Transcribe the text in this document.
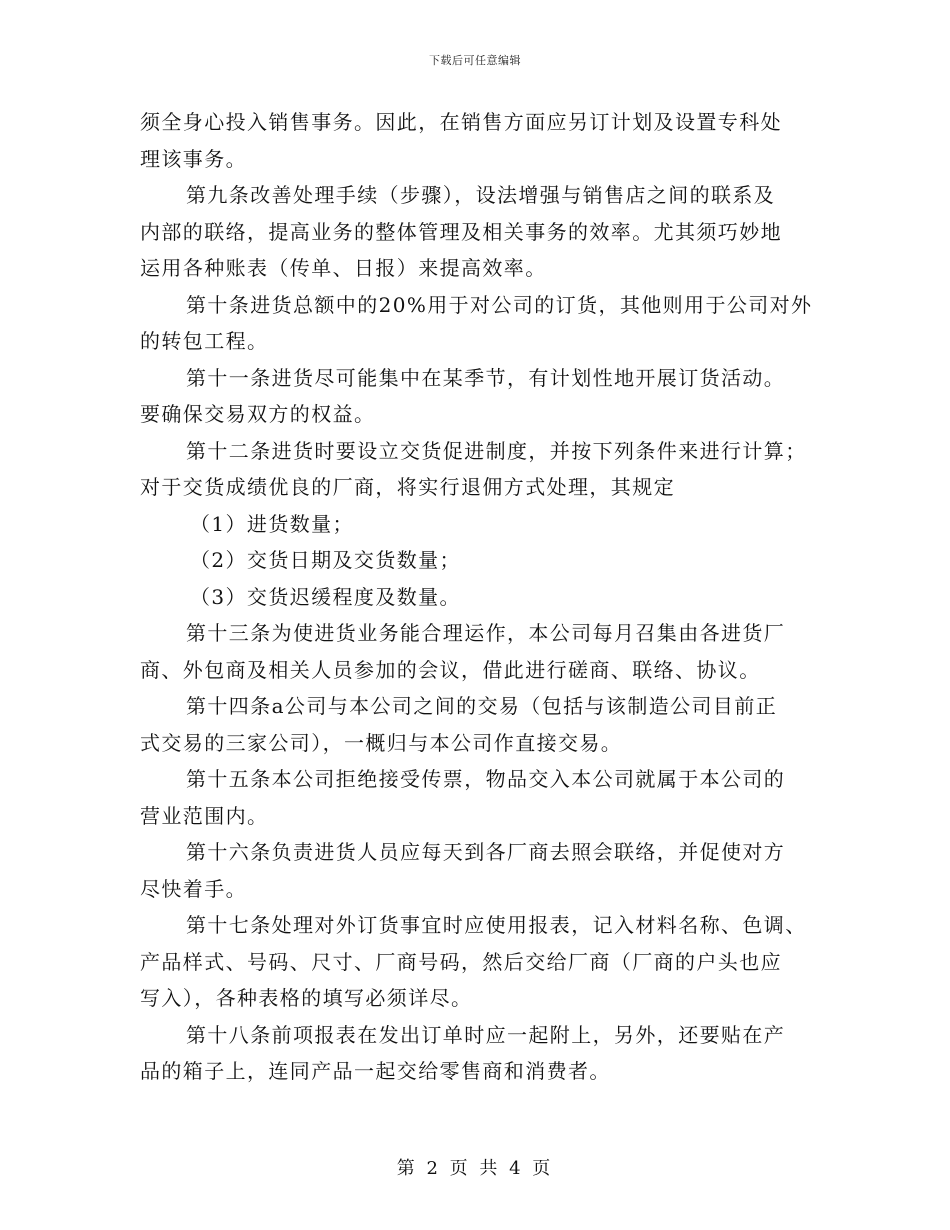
下载后可任意编辑
须全身心投入销售事务。因此，在销售方面应另订计划及设置专科处
理该事务。
第九条改善处理手续（步骤），设法增强与销售店之间的联系及
内部的联络，提高业务的整体管理及相关事务的效率。尤其须巧妙地
运用各种账表（传单、日报）来提高效率。
第十条进货总额中的20%用于对公司的订货，其他则用于公司对外
的转包工程。
第十一条进货尽可能集中在某季节，有计划性地开展订货活动。
要确保交易双方的权益。
第十二条进货时要设立交货促进制度，并按下列条件来进行计算；
对于交货成绩优良的厂商，将实行退佣方式处理，其规定
（1）进货数量；
（2）交货日期及交货数量；
（3）交货迟缓程度及数量。
第十三条为使进货业务能合理运作，本公司每月召集由各进货厂
商、外包商及相关人员参加的会议，借此进行磋商、联络、协议。
第十四条a公司与本公司之间的交易（包括与该制造公司目前正
式交易的三家公司），一概归与本公司作直接交易。
第十五条本公司拒绝接受传票，物品交入本公司就属于本公司的
营业范围内。
第十六条负责进货人员应每天到各厂商去照会联络，并促使对方
尽快着手。
第十七条处理对外订货事宜时应使用报表，记入材料名称、色调、
产品样式、号码、尺寸、厂商号码，然后交给厂商（厂商的户头也应
写入），各种表格的填写必须详尽。
第十八条前项报表在发出订单时应一起附上，另外，还要贴在产
品的箱子上，连同产品一起交给零售商和消费者。
第 2 页 共 4 页
